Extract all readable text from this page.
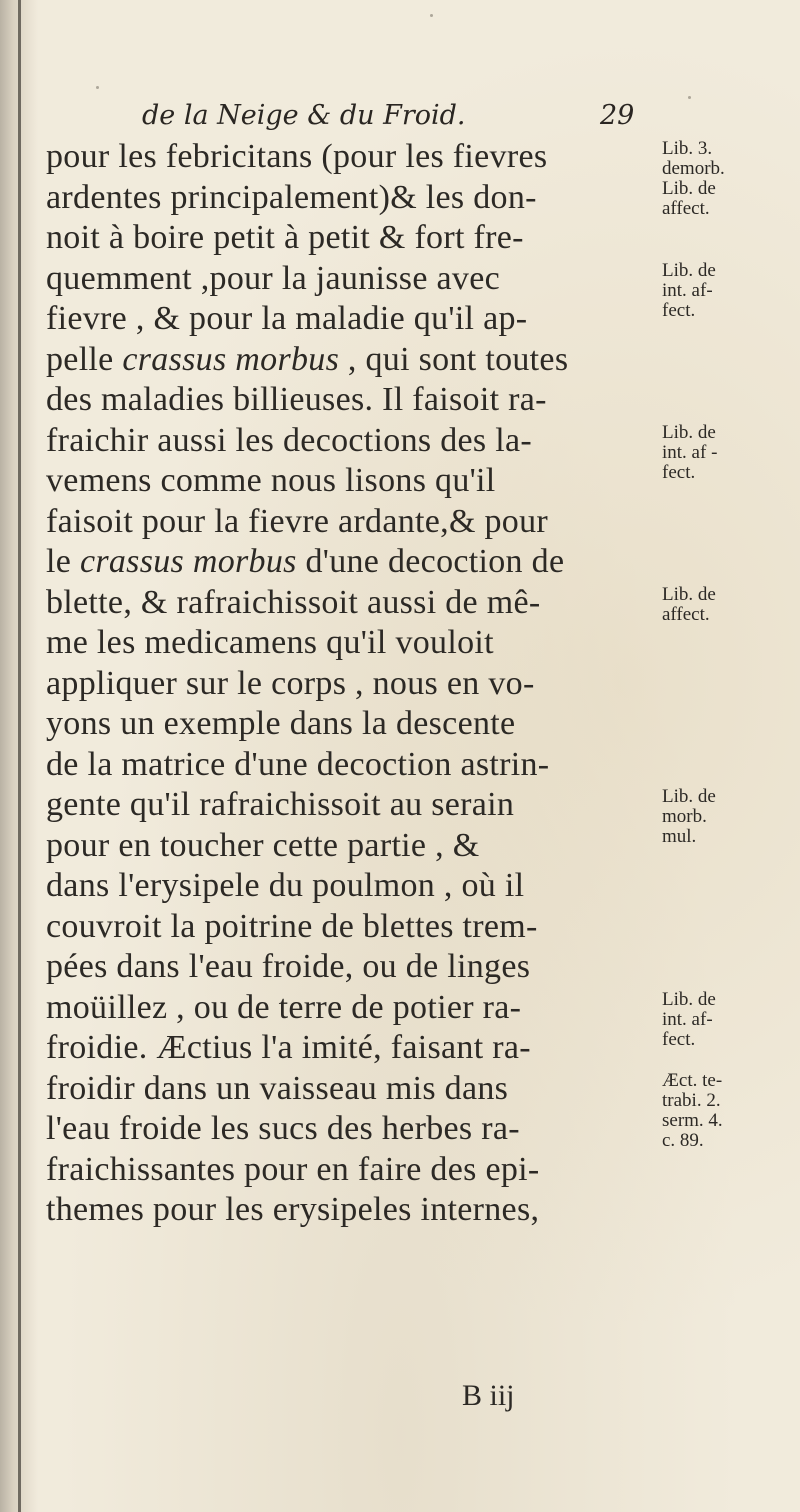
de la Neige & du Froid.	29
pour les febricitans (pour les fievres
ardentes principalement)& les don-
noit à boire petit à petit & fort fre-
quemment ,pour la jaunisse avec
fievre , & pour la maladie qu'il ap-
pelle crassus morbus , qui sont toutes
des maladies billieuses. Il faisoit ra-
fraichir aussi les decoctions des la-
vemens comme nous lisons qu'il
faisoit pour la fievre ardante,& pour
le crassus morbus d'une decoction de
blette, & rafraichissoit aussi de mê-
me les medicamens qu'il vouloit
appliquer sur le corps , nous en vo-
yons un exemple dans la descente
de la matrice d'une decoction astrin-
gente qu'il rafraichissoit au serain
pour en toucher cette partie , &
dans l'erysipele du poulmon , où il
couvroit la poitrine de blettes trem-
pées dans l'eau froide, ou de linges
moüillez , ou de terre de potier ra-
froidie. Æctius l'a imité, faisant ra-
froidir dans un vaisseau mis dans
l'eau froide les sucs des herbes ra-
fraichissantes pour en faire des epi-
themes pour les erysipeles internes,
Lib. 3.
demorb.
Lib. de
affect.
Lib. de
int. af-
fect.
Lib. de
int. af -
fect.
Lib. de
affect.
Lib. de
morb.
mul.
Lib. de
int. af-
fect.
Æct. te-
trabi. 2.
serm. 4.
c. 89.
B iij
